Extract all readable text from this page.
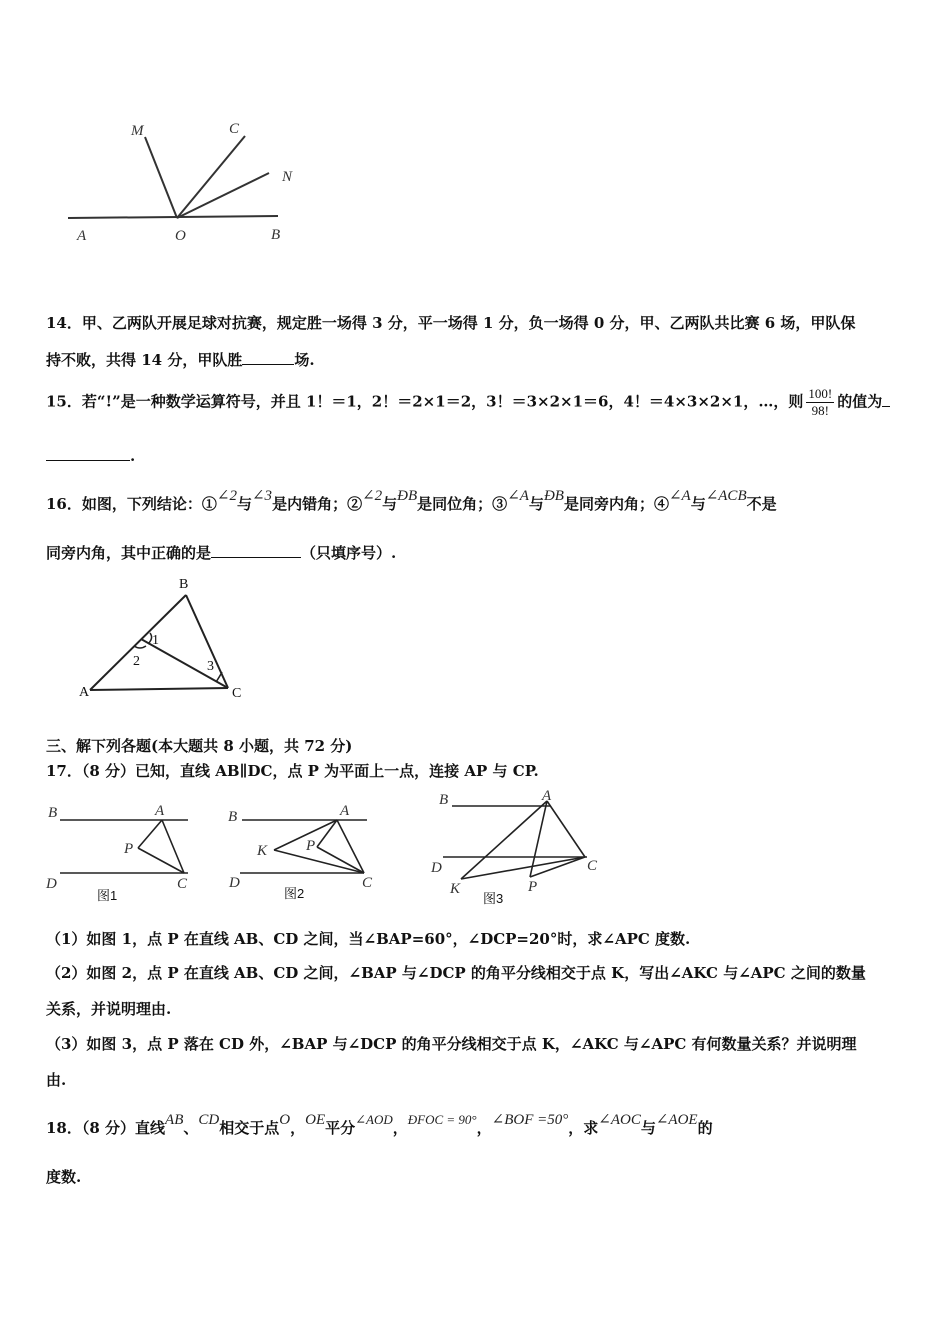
M	C
N
A	O	B
14．甲、乙两队开展足球对抗赛，规定胜一场得 3 分，平一场得 1 分，负一场得 0 分，甲、乙两队共比赛 6 场，甲队保
持不败，共得 14 分，甲队胜	场.
15．若“!”是一种数学运算符号，并且 1！＝1，2！＝2×1＝2，3！＝3×2×1＝6，4！＝4×3×2×1，…，则 $\frac{100!}{98!}$ 的值为
.
16．如图，下列结论：①∠2与∠3是内错角；②∠2与ÐB是同位角；③∠A与ÐB是同旁内角；④∠A与∠ACB不是
同旁内角，其中正确的是	（只填序号）.
B
1
2	3
A	C
三、解下列各题(本大题共 8 小题，共 72 分)
17．（8 分）已知，直线 AB∥DC，点 P 为平面上一点，连接 AP 与 CP.
B	A
P
D	C
图1
B	A
K	P
D	C
图2
B	A
D	C
K	P
图3
（1）如图 1，点 P 在直线 AB、CD 之间，当∠BAP=60°，∠DCP=20°时，求∠APC 度数.
（2）如图 2，点 P 在直线 AB、CD 之间，∠BAP 与∠DCP 的角平分线相交于点 K，写出∠AKC 与∠APC 之间的数量
关系，并说明理由.
（3）如图 3，点 P 落在 CD 外，∠BAP 与∠DCP 的角平分线相交于点 K，∠AKC 与∠APC 有何数量关系？并说明理
由.
18．（8 分）直线AB、CD相交于点O，OE平分∠AOD，ÐFOC = 90°，∠BOF =50°，求∠AOC与∠AOE的
度数.
